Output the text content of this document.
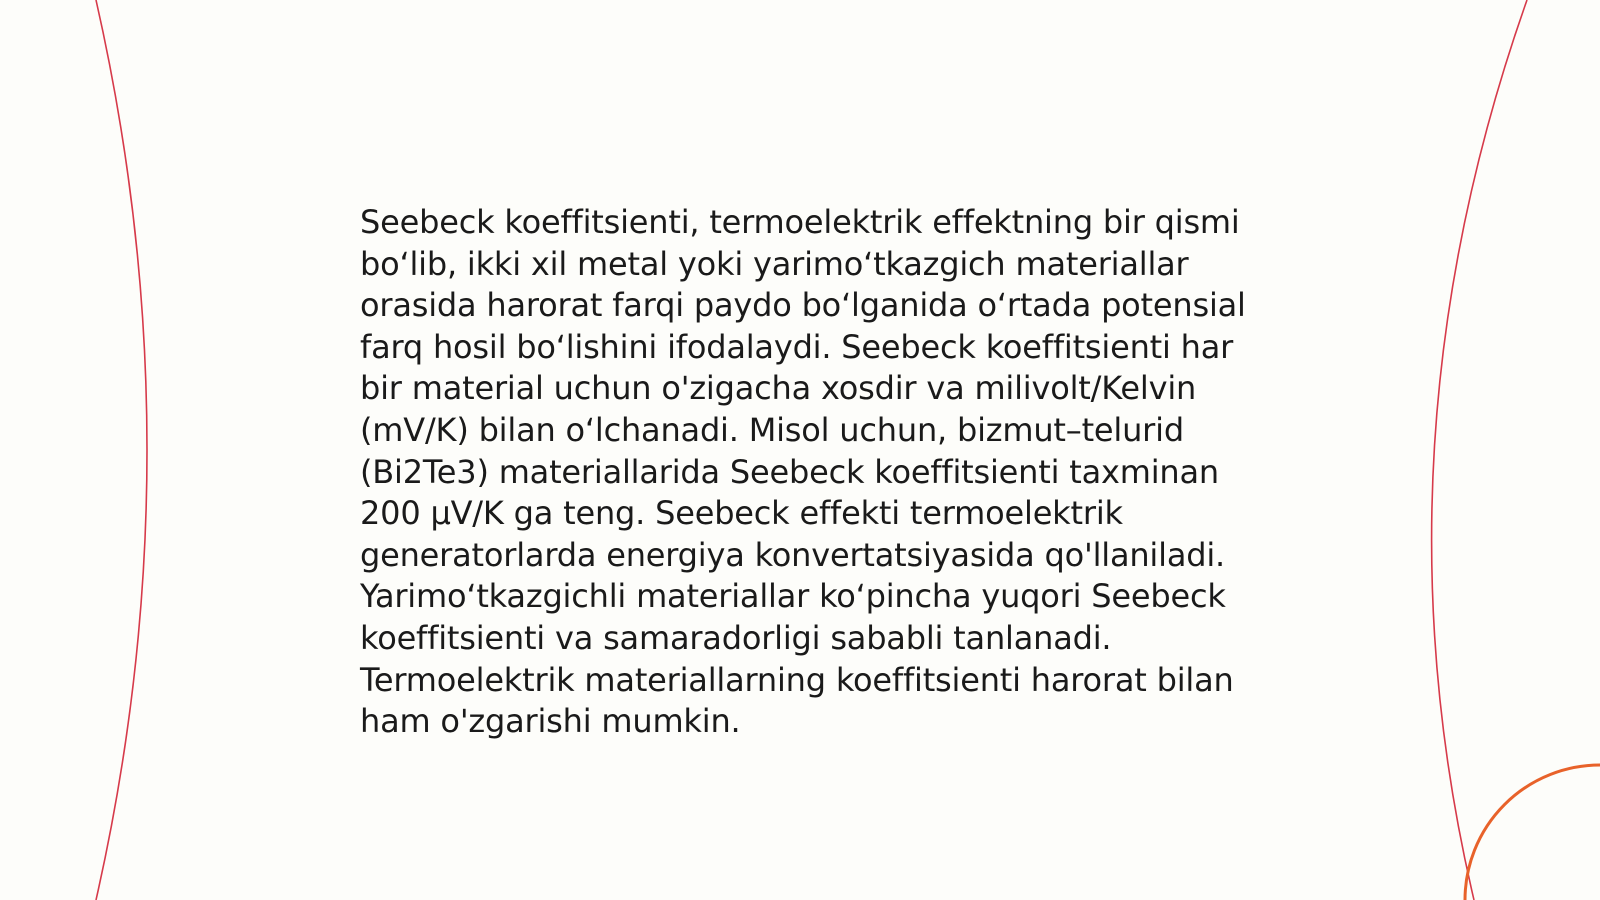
Seebeck koeffitsienti, termoelektrik effektning bir qismi bo‘lib, ikki xil metal yoki yarimo‘tkazgich materiallar orasida harorat farqi paydo bo‘lganida o‘rtada potensial farq hosil bo‘lishini ifodalaydi. Seebeck koeffitsienti har bir material uchun o'zigacha xosdir va milivolt/Kelvin (mV/K) bilan o‘lchanadi. Misol uchun, bizmut–telurid (Bi2Te3) materiallarida Seebeck koeffitsienti taxminan 200 μV/K ga teng. Seebeck effekti termoelektrik generatorlarda energiya konvertatsiyasida qo'llaniladi. Yarimo‘tkazgichli materiallar ko‘pincha yuqori Seebeck koeffitsienti va samaradorligi sababli tanlanadi. Termoelektrik materiallarning koeffitsienti harorat bilan ham o'zgarishi mumkin.
